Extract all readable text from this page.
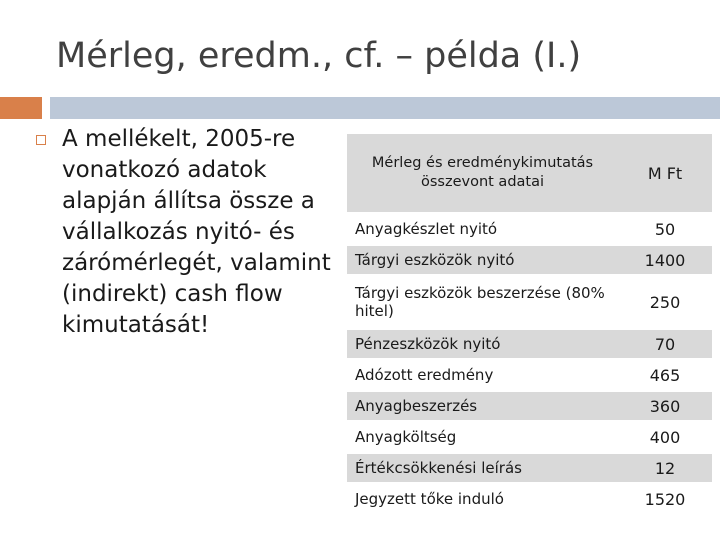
Mérleg, eredm., cf. – példa (I.)
A mellékelt, 2005-re vonatkozó adatok alapján állítsa össze a vállalkozás nyitó- és zárómérlegét, valamint (indirekt) cash flow kimutatását!
Mérleg és eredménykimutatás összevont adatai	M Ft
Anyagkészlet nyitó	50
Tárgyi eszközök nyitó	1400
Tárgyi eszközök beszerzése (80% hitel)	250
Pénzeszközök nyitó	70
Adózott eredmény	465
Anyagbeszerzés	360
Anyagköltség	400
Értékcsökkenési leírás	12
Jegyzett tőke induló	1520
